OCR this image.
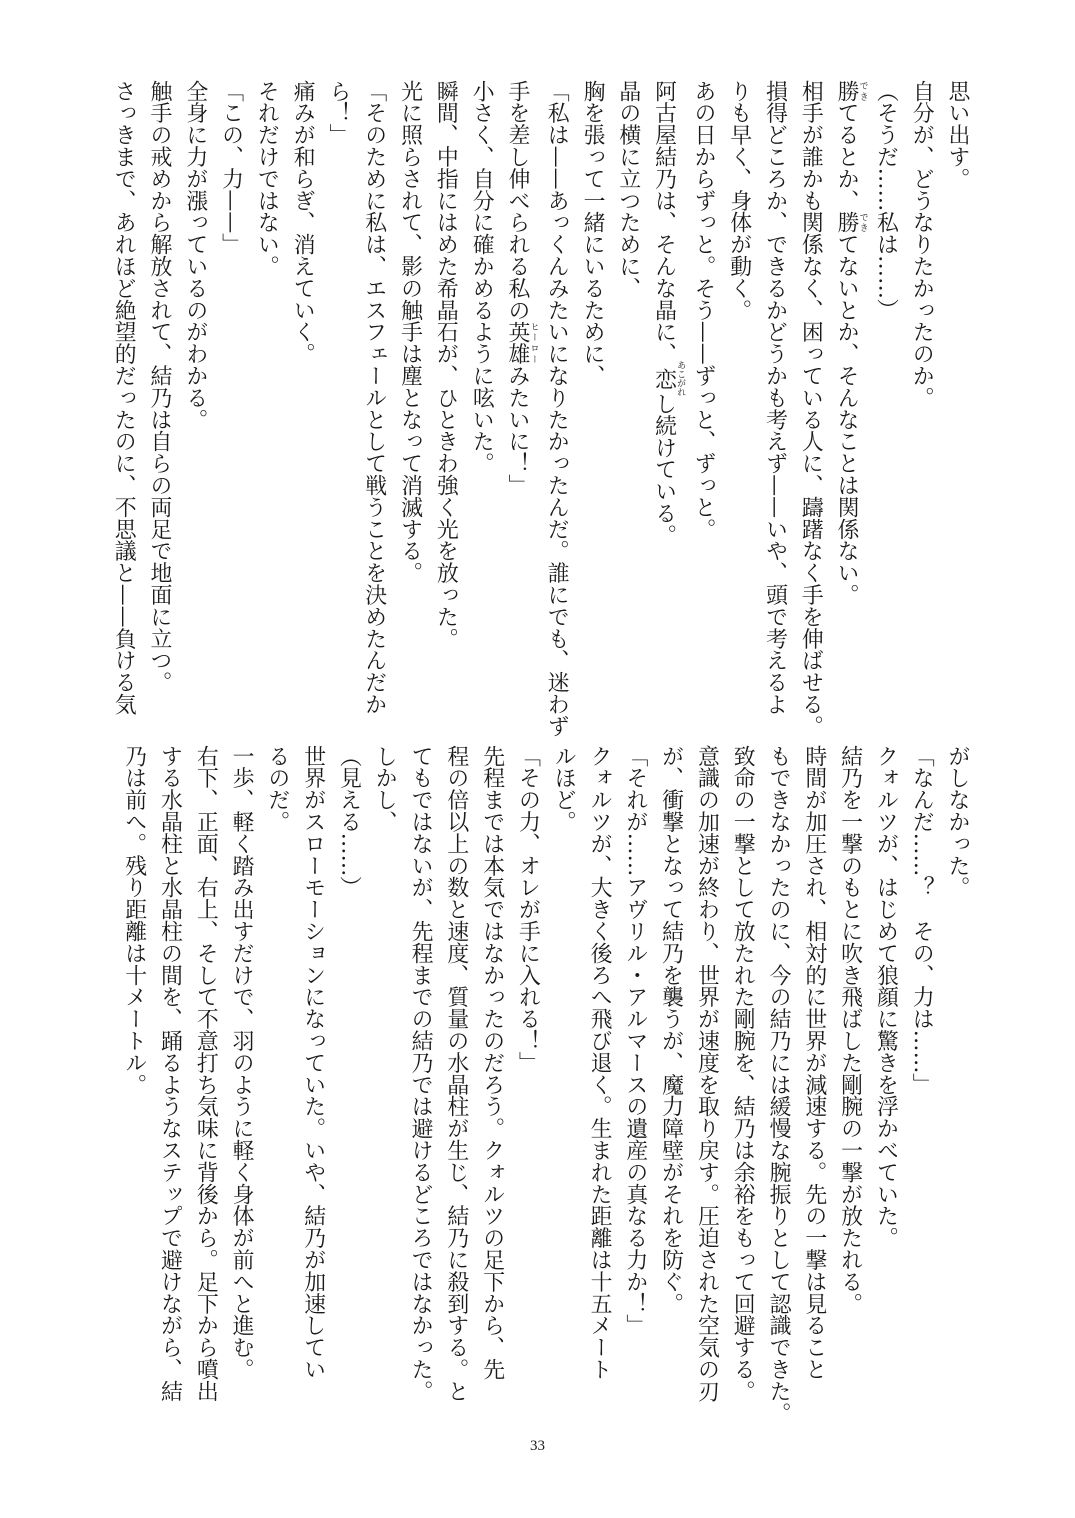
思い出す。
自分が、どうなりたかったのか。
（そうだ……私は……）
勝できてるとか、勝できてないとか、そんなことは関係ない。
相手が誰かも関係なく、困っている人に、躊躇なく手を伸ばせる。
損得どころか、できるかどうかも考えず——いや、頭で考えるよ
りも早く、身体が動く。
あの日からずっと。そう——ずっと、ずっと。
阿古屋結乃は、そんな晶に、恋あこがれし続けている。
晶の横に立つために、
胸を張って一緒にいるために、
「私は——あっくんみたいになりたかったんだ。誰にでも、迷わず
手を差し伸べられる私の英雄ヒーローみたいに！」
小さく、自分に確かめるように呟いた。
瞬間、中指にはめた希晶石が、ひときわ強く光を放った。
光に照らされて、影の触手は塵となって消滅する。
「そのために私は、エスフェールとして戦うことを決めたんだか
ら！」
痛みが和らぎ、消えていく。
それだけではない。
「この、力——」
全身に力が漲っているのがわかる。
触手の戒めから解放されて、結乃は自らの両足で地面に立つ。
さっきまで、あれほど絶望的だったのに、不思議と——負ける気
がしなかった。
「なんだ……？　その、力は……」
クォルツが、はじめて狼顔に驚きを浮かべていた。
結乃を一撃のもとに吹き飛ばした剛腕の一撃が放たれる。
時間が加圧され、相対的に世界が減速する。先の一撃は見ること
もできなかったのに、今の結乃には緩慢な腕振りとして認識できた。
致命の一撃として放たれた剛腕を、結乃は余裕をもって回避する。
意識の加速が終わり、世界が速度を取り戻す。圧迫された空気の刃
が、衝撃となって結乃を襲うが、魔力障壁がそれを防ぐ。
「それが……アヴリル・アルマースの遺産の真なる力か！」
クォルツが、大きく後ろへ飛び退く。生まれた距離は十五メート
ルほど。
「その力、オレが手に入れる！」
先程までは本気ではなかったのだろう。クォルツの足下から、先
程の倍以上の数と速度、質量の水晶柱が生じ、結乃に殺到する。と
てもではないが、先程までの結乃では避けるどころではなかった。
しかし、
（見える……）
世界がスローモーションになっていた。いや、結乃が加速してい
るのだ。
一歩、軽く踏み出すだけで、羽のように軽く身体が前へと進む。
右下、正面、右上、そして不意打ち気味に背後から。足下から噴出
する水晶柱と水晶柱の間を、踊るようなステップで避けながら、結
乃は前へ。残り距離は十メートル。
33
